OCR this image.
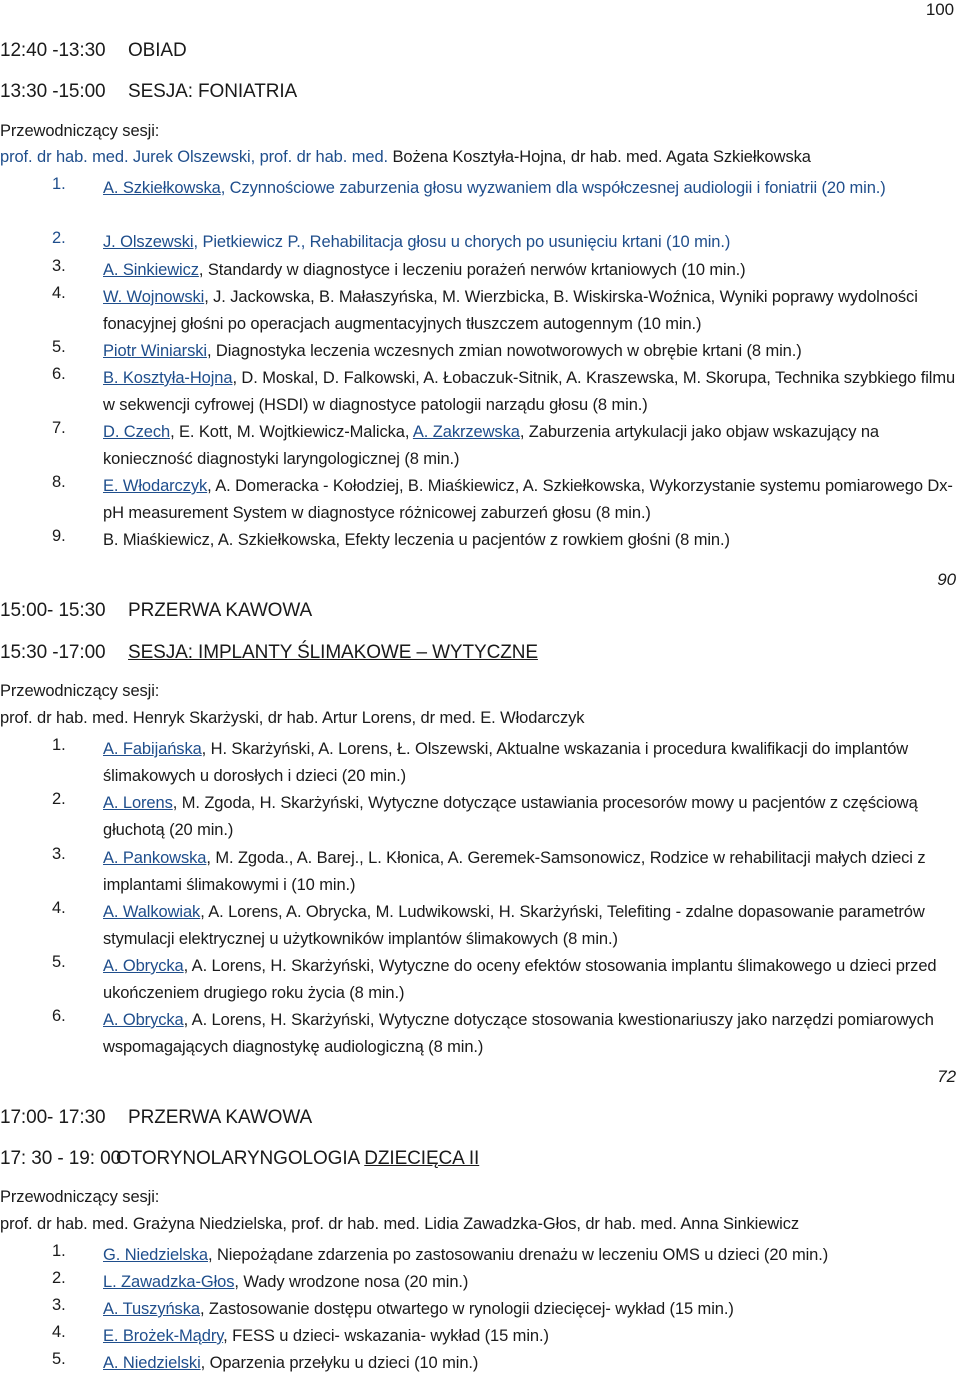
100
90
72
12:40 -13:30 OBIAD
13:30 -15:00 SESJA: FONIATRIA
Przewodniczący sesji:
prof. dr hab. med. Jurek Olszewski, prof. dr hab. med. Bożena Kosztyła-Hojna, dr hab. med. Agata Szkiełkowska
1. A. Szkiełkowska, Czynnościowe zaburzenia głosu wyzwaniem dla współczesnej audiologii i foniatrii (20 min.)
2. J. Olszewski, Pietkiewicz P., Rehabilitacja głosu u chorych po usunięciu krtani (10 min.)
3. A. Sinkiewicz, Standardy w diagnostyce i leczeniu porażeń nerwów krtaniowych (10 min.)
4. W. Wojnowski, J. Jackowska, B. Małaszyńska, M. Wierzbicka, B. Wiskirska-Woźnica, Wyniki poprawy wydolności fonacyjnej głośni po operacjach augmentacyjnych tłuszczem autogennym (10 min.)
5. Piotr Winiarski, Diagnostyka leczenia wczesnych zmian nowotworowych w obrębie krtani (8 min.)
6. B. Kosztyła-Hojna, D. Moskal, D. Falkowski, A. Łobaczuk-Sitnik, A. Kraszewska, M. Skorupa, Technika szybkiego filmu w sekwencji cyfrowej (HSDI) w diagnostyce patologii narządu głosu (8 min.)
7. D. Czech, E. Kott, M. Wojtkiewicz-Malicka, A. Zakrzewska, Zaburzenia artykulacji jako objaw wskazujący na konieczność diagnostyki laryngologicznej (8 min.)
8. E. Włodarczyk, A. Domeracka - Kołodziej, B. Miaśkiewicz, A. Szkiełkowska, Wykorzystanie systemu pomiarowego Dx- pH measurement System w diagnostyce różnicowej zaburzeń głosu (8 min.)
9. B. Miaśkiewicz, A. Szkiełkowska, Efekty leczenia u pacjentów z rowkiem głośni (8 min.)
15:00- 15:30 PRZERWA KAWOWA
15:30 -17:00 SESJA: IMPLANTY ŚLIMAKOWE – WYTYCZNE
Przewodniczący sesji:
prof. dr hab. med. Henryk Skarżyski, dr hab. Artur Lorens, dr med. E. Włodarczyk
1. A. Fabijańska, H. Skarżyński, A. Lorens, Ł. Olszewski, Aktualne wskazania i procedura kwalifikacji do implantów ślimakowych u dorosłych i dzieci (20 min.)
2. A. Lorens, M. Zgoda, H. Skarżyński, Wytyczne dotyczące ustawiania procesorów mowy u pacjentów z częściową głuchotą (20 min.)
3. A. Pankowska, M. Zgoda., A. Barej., L. Kłonica, A. Geremek-Samsonowicz, Rodzice w rehabilitacji małych dzieci z implantami ślimakowymi i (10 min.)
4. A. Walkowiak, A. Lorens, A. Obrycka, M. Ludwikowski, H. Skarżyński, Telefiting - zdalne dopasowanie parametrów stymulacji elektrycznej u użytkowników implantów ślimakowych (8 min.)
5. A. Obrycka, A. Lorens, H. Skarżyński, Wytyczne do oceny efektów stosowania implantu ślimakowego u dzieci przed ukończeniem drugiego roku życia (8 min.)
6. A. Obrycka, A. Lorens, H. Skarżyński, Wytyczne dotyczące stosowania kwestionariuszy jako narzędzi pomiarowych wspomagających diagnostykę audiologiczną (8 min.)
17:00- 17:30 PRZERWA KAWOWA
17: 30 - 19: 00OTORYNOLARYNGOLOGIA DZIECIĘCA II
Przewodniczący sesji:
prof. dr hab. med. Grażyna Niedzielska, prof. dr hab. med. Lidia Zawadzka-Głos, dr hab. med. Anna Sinkiewicz
1. G. Niedzielska, Niepożądane zdarzenia po zastosowaniu drenażu w leczeniu OMS u dzieci (20 min.)
2. L. Zawadzka-Głos, Wady wrodzone nosa (20 min.)
3. A. Tuszyńska, Zastosowanie dostępu otwartego w rynologii dziecięcej- wykład (15 min.)
4. E. Brożek-Mądry, FESS u dzieci- wskazania- wykład (15 min.)
5. A. Niedzielski, Oparzenia przełyku u dzieci (10 min.)
